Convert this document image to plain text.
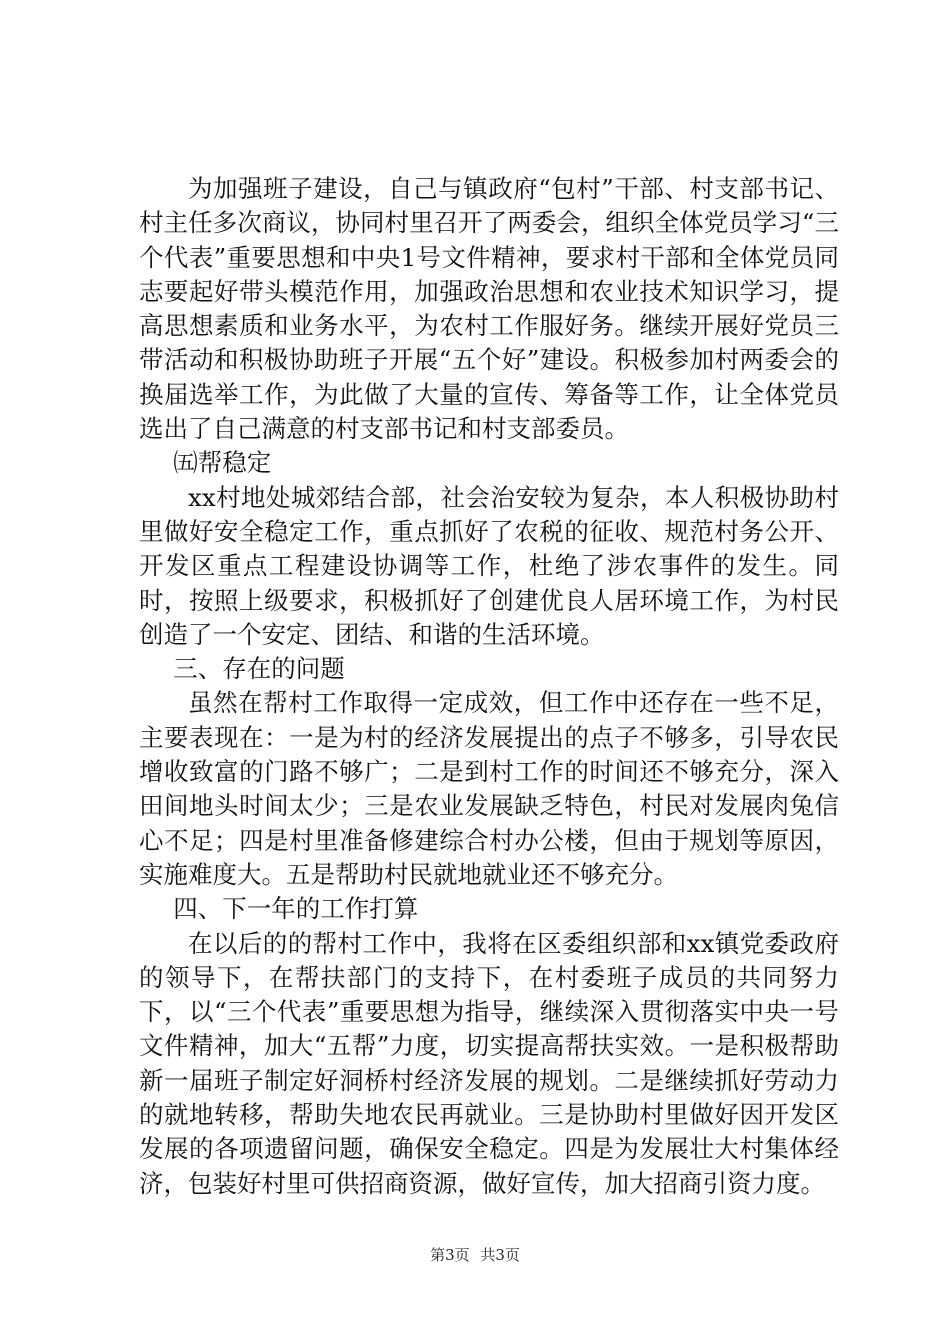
为加强班子建设，自己与镇政府“包村”干部、村支部书记、村主任多次商议，协同村里召开了两委会，组织全体党员学习“三个代表”重要思想和中央1号文件精神，要求村干部和全体党员同志要起好带头模范作用，加强政治思想和农业技术知识学习，提高思想素质和业务水平，为农村工作服好务。继续开展好党员三带活动和积极协助班子开展“五个好”建设。积极参加村两委会的换届选举工作，为此做了大量的宣传、筹备等工作，让全体党员选出了自己满意的村支部书记和村支部委员。

㈤帮稳定

xx村地处城郊结合部，社会治安较为复杂，本人积极协助村里做好安全稳定工作，重点抓好了农税的征收、规范村务公开、开发区重点工程建设协调等工作，杜绝了涉农事件的发生。同时，按照上级要求，积极抓好了创建优良人居环境工作，为村民创造了一个安定、团结、和谐的生活环境。

三、存在的问题

虽然在帮村工作取得一定成效，但工作中还存在一些不足，主要表现在：一是为村的经济发展提出的点子不够多，引导农民增收致富的门路不够广；二是到村工作的时间还不够充分，深入田间地头时间太少；三是农业发展缺乏特色，村民对发展肉兔信心不足；四是村里准备修建综合村办公楼，但由于规划等原因，实施难度大。五是帮助村民就地就业还不够充分。

四、下一年的工作打算

在以后的的帮村工作中，我将在区委组织部和xx镇党委政府的领导下，在帮扶部门的支持下，在村委班子成员的共同努力下，以“三个代表”重要思想为指导，继续深入贯彻落实中央一号文件精神，加大“五帮”力度，切实提高帮扶实效。一是积极帮助新一届班子制定好洞桥村经济发展的规划。二是继续抓好劳动力的就地转移，帮助失地农民再就业。三是协助村里做好因开发区发展的各项遗留问题，确保安全稳定。四是为发展壮大村集体经济，包装好村里可供招商资源，做好宣传，加大招商引资力度。

第3页 共3页
